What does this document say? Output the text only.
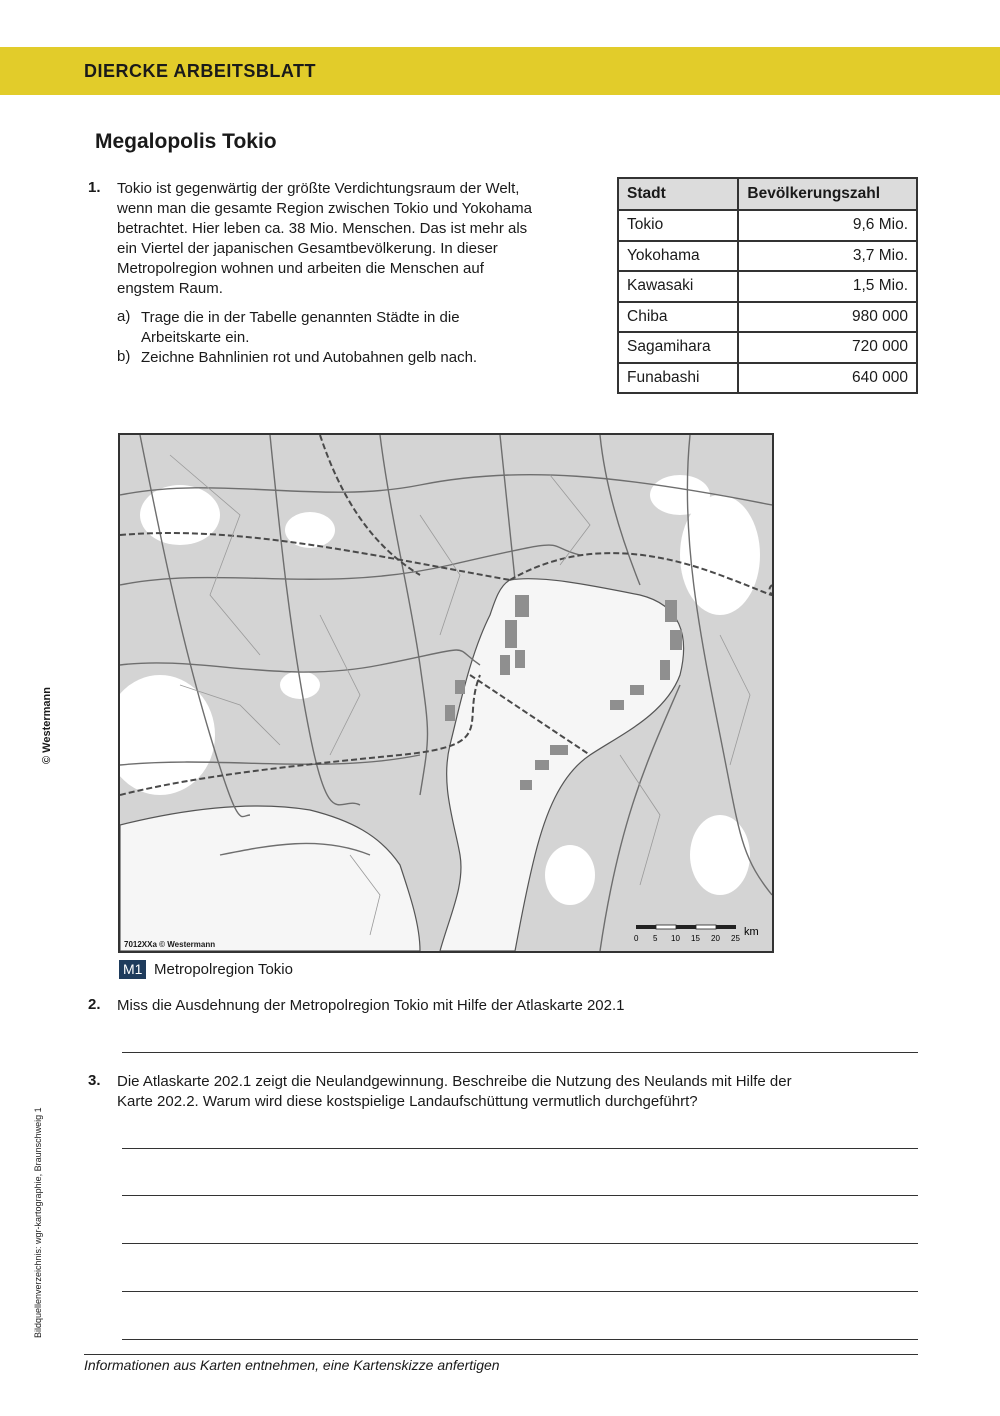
DIERCKE ARBEITSBLATT
© Westermann
Bildquellenverzeichnis: wgr-kartographie, Braunschweig 1
Megalopolis Tokio
1. Tokio ist gegenwärtig der größte Verdichtungsraum der Welt,
wenn man die gesamte Region zwischen Tokio und Yokohama
betrachtet. Hier leben ca. 38 Mio. Menschen. Das ist mehr als
ein Viertel der japanischen Gesamtbevölkerung. In dieser
Metropolregion wohnen und arbeiten die Menschen auf
engstem Raum.
a) Trage die in der Tabelle genannten Städte in die
Arbeitskarte ein.
b) Zeichne Bahnlinien rot und Autobahnen gelb nach.
Stadt	Bevölkerungszahl
Tokio	9,6 Mio.
Yokohama	3,7 Mio.
Kawasaki	1,5 Mio.
Chiba	980 000
Sagamihara	720 000
Funabashi	640 000
7012XXa © Westermann
0 5 10 15 20 25
km
M1 Metropolregion Tokio
2. Miss die Ausdehnung der Metropolregion Tokio mit Hilfe der Atlaskarte 202.1
3. Die Atlaskarte 202.1 zeigt die Neulandgewinnung. Beschreibe die Nutzung des Neulands mit Hilfe der
Karte 202.2. Warum wird diese kostspielige Landaufschüttung vermutlich durchgeführt?
Informationen aus Karten entnehmen, eine Kartenskizze anfertigen
